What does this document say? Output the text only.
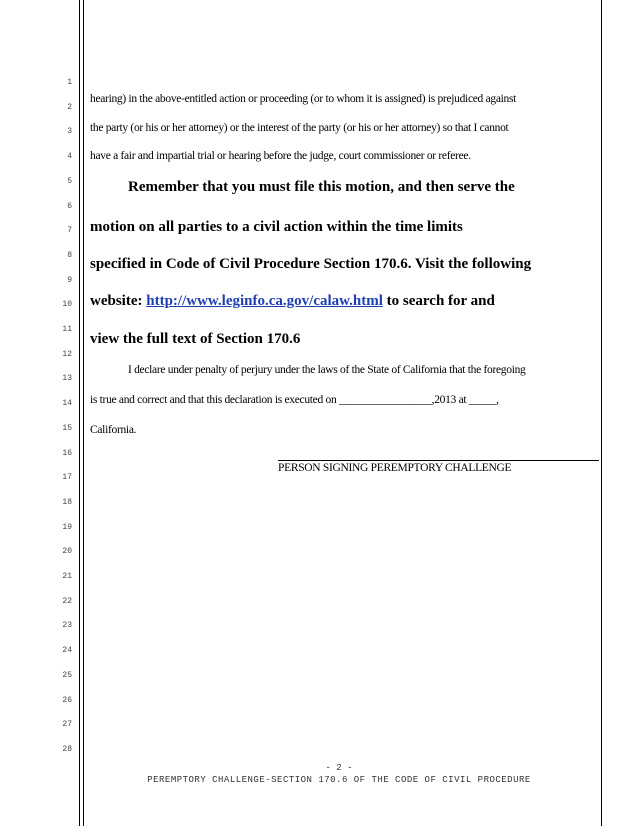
1
2
3
4
5
6
7
8
9
10
11
12
13
14
15
16
17
18
19
20
21
22
23
24
25
26
27
28
hearing) in the above-entitled action or proceeding (or to whom it is assigned) is prejudiced against
the party (or his or her attorney) or the interest of the party (or his or her attorney) so that I cannot
have a fair and impartial trial or hearing before the judge, court commissioner or referee.
Remember that you must file this motion, and then serve the
motion on all parties to a civil action within the time limits
specified in Code of Civil Procedure Section 170.6. Visit the following
website: http://www.leginfo.ca.gov/calaw.html to search for and
view the full text of Section 170.6
I declare under penalty of perjury under the laws of the State of California that the foregoing
is true and correct and that this declaration is executed on _________________,2013 at _____,
California.
PERSON SIGNING PEREMPTORY CHALLENGE
- 2 -
PEREMPTORY CHALLENGE-SECTION 170.6 OF THE CODE OF CIVIL PROCEDURE
